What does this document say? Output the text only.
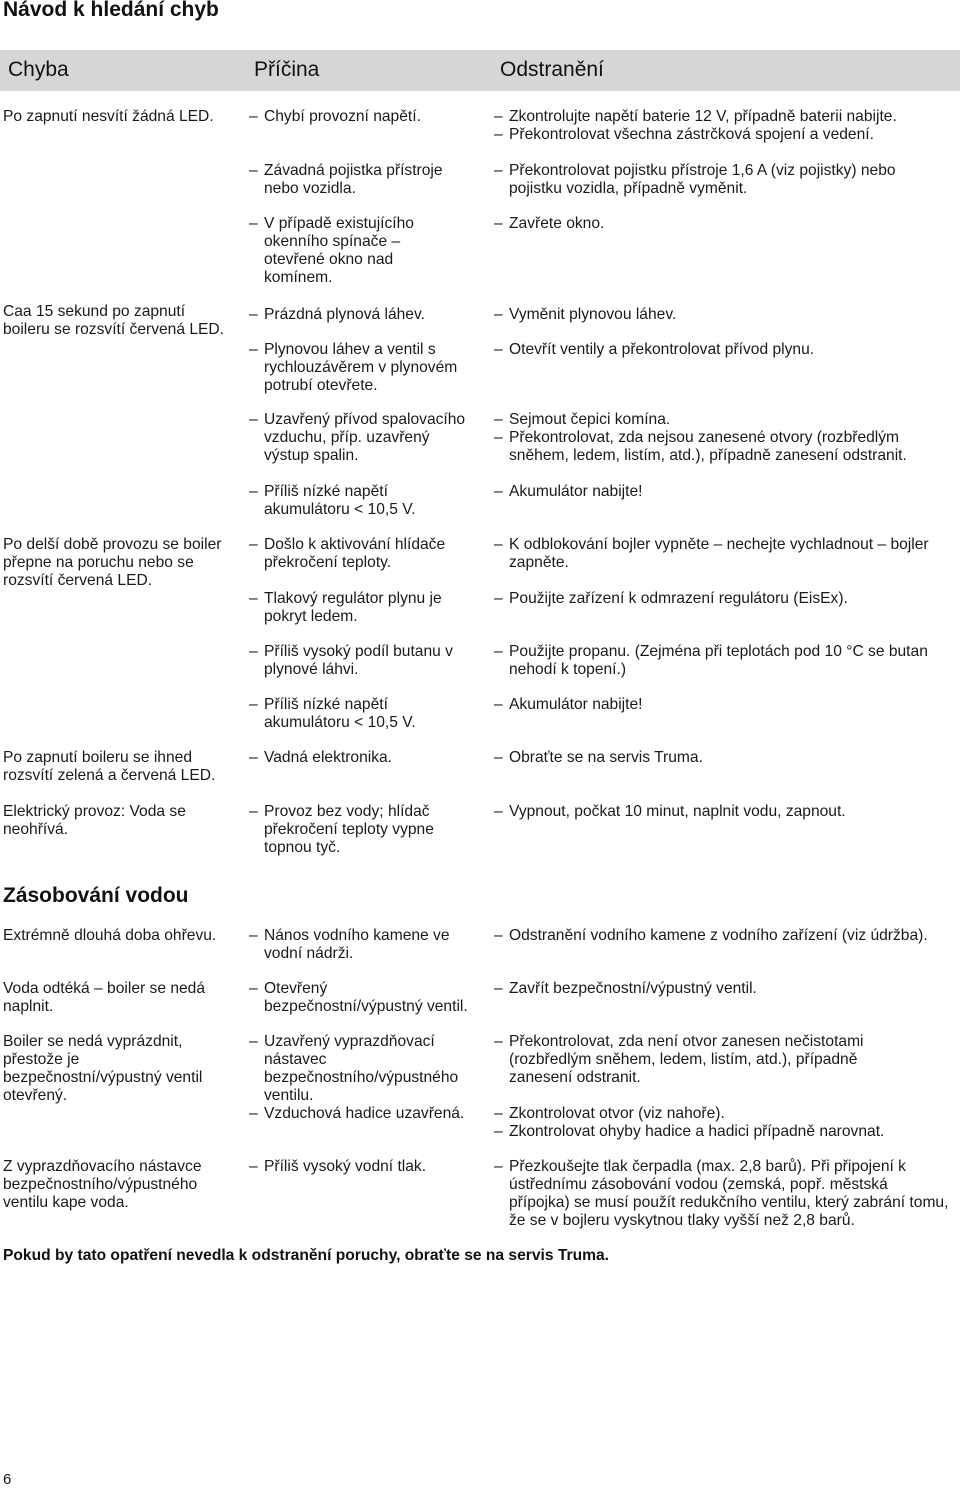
Návod k hledání chyb
Chyba	Příčina	Odstranění
Po zapnutí nesvítí žádná LED.
Caa 15 sekund po zapnutí boileru se rozsvítí červená LED.
Po delší době provozu se boiler přepne na poruchu nebo se rozsvítí červená LED.
Po zapnutí boileru se ihned rozsvítí zelená a červená LED.
Elektrický provoz: Voda se neohřívá.
– Chybí provozní napětí.
– Závadná pojistka přístroje nebo vozidla.
– V případě existujícího okenního spínače – otevřené okno nad komínem.
– Prázdná plynová láhev.
– Plynovou láhev a ventil s rychlouzávěrem v plynovém potrubí otevřete.
– Uzavřený přívod spalovacího vzduchu, příp. uzavřený výstup spalin.
– Příliš nízké napětí akumulátoru < 10,5 V.
– Došlo k aktivování hlídače překročení teploty.
– Tlakový regulátor plynu je pokryt ledem.
– Příliš vysoký podíl butanu v plynové láhvi.
– Příliš nízké napětí akumulátoru < 10,5 V.
– Vadná elektronika.
– Provoz bez vody; hlídač překročení teploty vypne topnou tyč.
– Zkontrolujte napětí baterie 12 V, případně baterii nabijte.
– Překontrolovat všechna zástrčková spojení a vedení.
– Překontrolovat pojistku přístroje 1,6 A (viz pojistky) nebo pojistku vozidla, případně vyměnit.
– Zavřete okno.
– Vyměnit plynovou láhev.
– Otevřít ventily a překontrolovat přívod plynu.
– Sejmout čepici komína.
– Překontrolovat, zda nejsou zanesené otvory (rozbředlým sněhem, ledem, listím, atd.), případně zanesení odstranit.
– Akumulátor nabijte!
– K odblokování bojler vypněte – nechejte vychladnout – bojler zapněte.
– Použijte zařízení k odmrazení regulátoru (EisEx).
– Použijte propanu. (Zejména při teplotách pod 10 °C se butan nehodí k topení.)
– Akumulátor nabijte!
– Obraťte se na servis Truma.
– Vypnout, počkat 10 minut, naplnit vodu, zapnout.
Zásobování vodou
Extrémně dlouhá doba ohřevu.
Voda odtéká – boiler se nedá naplnit.
Boiler se nedá vyprázdnit, přestože je bezpečnostní/výpustný ventil otevřený.
Z vyprazdňovacího nástavce bezpečnostního/výpustného ventilu kape voda.
– Nános vodního kamene ve vodní nádrži.
– Otevřený bezpečnostní/výpustný ventil.
– Uzavřený vyprazdňovací nástavec bezpečnostního/výpustného ventilu.
– Vzduchová hadice uzavřená.
– Příliš vysoký vodní tlak.
– Odstranění vodního kamene z vodního zařízení (viz údržba).
– Zavřít bezpečnostní/výpustný ventil.
– Překontrolovat, zda není otvor zanesen nečistotami (rozbředlým sněhem, ledem, listím, atd.), případně zanesení odstranit.
– Zkontrolovat otvor (viz nahoře).
– Zkontrolovat ohyby hadice a hadici případně narovnat.
– Přezkoušejte tlak čerpadla (max. 2,8 barů). Při připojení k ústřednímu zásobování vodou (zemská, popř. městská přípojka) se musí použít redukčního ventilu, který zabrání tomu, že se v bojleru vyskytnou tlaky vyšší než 2,8 barů.
Pokud by tato opatření nevedla k odstranění poruchy, obraťte se na servis Truma.
6
